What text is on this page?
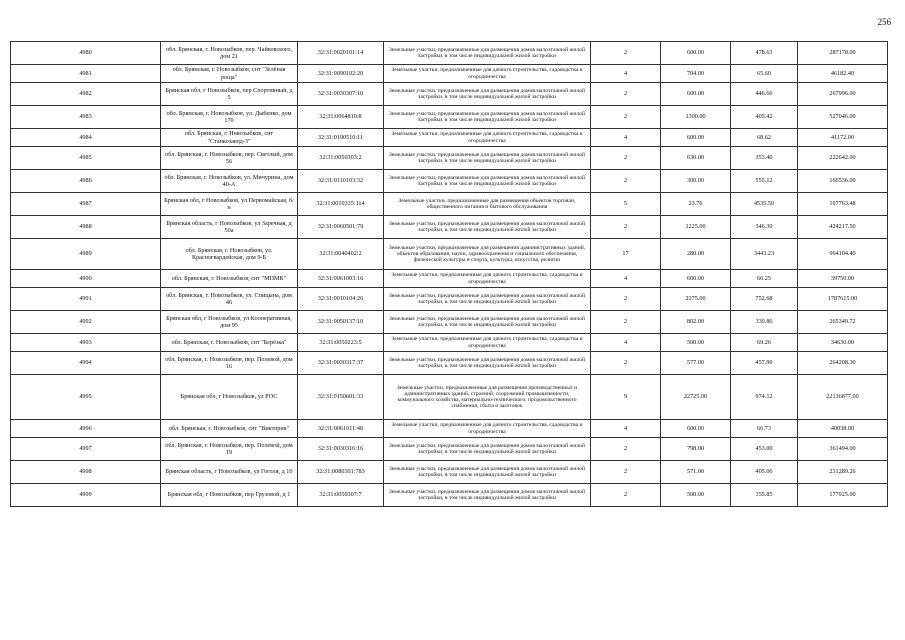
256
4980	обл. Брянская, г. Новозыбков, пер. Чайковского, дом 21	32:31:0020101:14	Земельные участки, предназначенные для размещения домов малоэтажной жилой застройки, в том числе индивидуальной жилой застройки	2	600.00	478.63	287178.00
4981	обл. Брянская, г. Новозыбков, снт "Зелёная роща"	32:31:0090102:20	Земельные участки, предназначенные для дачного строительства, садоводства и огородничества	4	704.00	65.60	46182.40
4982	Брянская обл, г Новозыбков, пер Спортивный, д 5	32:31:0030307:10	Земельные участки, предназначенные для размещения домов малоэтажной жилой застройки, в том числе индивидуальной жилой застройки	2	600.00	446.66	267996.00
4983	обл. Брянская, г. Новозыбков, ул. Дыбенко, дом 170	32:31:0064810:8	Земельные участки, предназначенные для размещения домов малоэтажной жилой застройки, в том числе индивидуальной жилой застройки	2	1300.00	405.42	527046.00
4984	обл. Брянская, г. Новозыбков, снт "Станкозавод-3"	32:31:0190510:11	Земельные участки, предназначенные для дачного строительства, садоводства и огородничества	4	600.00	68.62	41172.00
4985	обл. Брянская, г. Новозыбков, пер. Светлый, дом 56	32:31:0050303:2	Земельные участки, предназначенные для размещения домов малоэтажной жилой застройки, в том числе индивидуальной жилой застройки	2	630.00	353.40	222642.00
4986	обл. Брянская, г. Новозыбков, ул. Мичурина, дом 40-А	32:31:0110103:32	Земельные участки, предназначенные для размещения домов малоэтажной жилой застройки, в том числе индивидуальной жилой застройки	2	300.00	555.12	166536.00
4987	Брянская обл, г Новозыбков, ул Первомайская, б/н	32:31:0010335:114	Земельные участки, предназначенные для размещения объектов торговли, общественного питания и бытового обслуживания	5	23.76	4535.50	107763.48
4988	Брянская область, г Новозыбков, ул Заречная, д 50а	32:31:0060501:79	Земельные участки, предназначенные для размещения домов малоэтажной жилой застройки, в том числе индивидуальной жилой застройки	2	1225.00	346.30	424217.50
4989	обл. Брянская, г. Новозыбков, ул. Красногвардейская, дом 9-Б	32:31:0040402:2	Земельные участки, предназначенные для размещения административных зданий, объектов образования, науки, здравоохранения и социального обеспечения, физической культуры и спорта, культуры, искусства, религии	17	280.00	3443.23	964104.40
4990	обл. Брянская, г. Новозыбков, снт "МПМК"	32:31:0061003:16	Земельные участки, предназначенные для дачного строительства, садоводства и огородничества	4	600.00	66.25	39750.00
4991	обл. Брянская, г. Новозыбков, ул. Спицына, дом 46	32:31:0010104:26	Земельные участки, предназначенные для размещения домов малоэтажной жилой застройки, в том числе индивидуальной жилой застройки	2	2375.00	752.68	1787615.00
4992	Брянская обл, г Новозыбков, ул Кооперативная, дом 95	32:31:0050137:10	Земельные участки, предназначенные для размещения домов малоэтажной жилой застройки, в том числе индивидуальной жилой застройки	2	802.00	330.86	265349.72
4993	обл. Брянская, г. Новозыбков, снт "Берёзка"	32:31:0050223:5	Земельные участки, предназначенные для дачного строительства, садоводства и огородничества	4	500.00	69.26	34630.00
4994	обл. Брянская, г. Новозыбков, пер. Полевой, дом 16	32:31:0030317:37	Земельные участки, предназначенные для размещения домов малоэтажной жилой застройки, в том числе индивидуальной жилой застройки	2	577.00	457.90	264208.30
4995	Брянская обл, г Новозыбков, ул РОС	32:31:0150601:33	Земельные участки, предназначенные для размещения производственных и административных зданий, строений, сооружений промышленности, коммунального хозяйства, материально-технического, продовольственного снабжения, сбыта и заготовок	9	22725.00	974.12	22136877.00
4996	обл. Брянская, г. Новозыбков, снт "Виктория"	32:31:0061011:48	Земельные участки, предназначенные для дачного строительства, садоводства и огородничества	4	600.00	66.73	40038.00
4997	обл. Брянская, г. Новозыбков, пер. Полевой, дом 19	32:31:0030316:16	Земельные участки, предназначенные для размещения домов малоэтажной жилой застройки, в том числе индивидуальной жилой застройки	2	798.00	453.00	361494.00
4998	Брянская область, г Новозыбков, ул Гоголя, д 10	32:31:0080301:783	Земельные участки, предназначенные для размещения домов малоэтажной жилой застройки, в том числе индивидуальной жилой застройки	2	571.00	405.06	231289.26
4999	Брянская обл, г Новозыбков, пер Грузовой, д 1	32:31:0050307:7	Земельные участки, предназначенные для размещения домов малоэтажной жилой застройки, в том числе индивидуальной жилой застройки	2	500.00	355.85	177925.00
